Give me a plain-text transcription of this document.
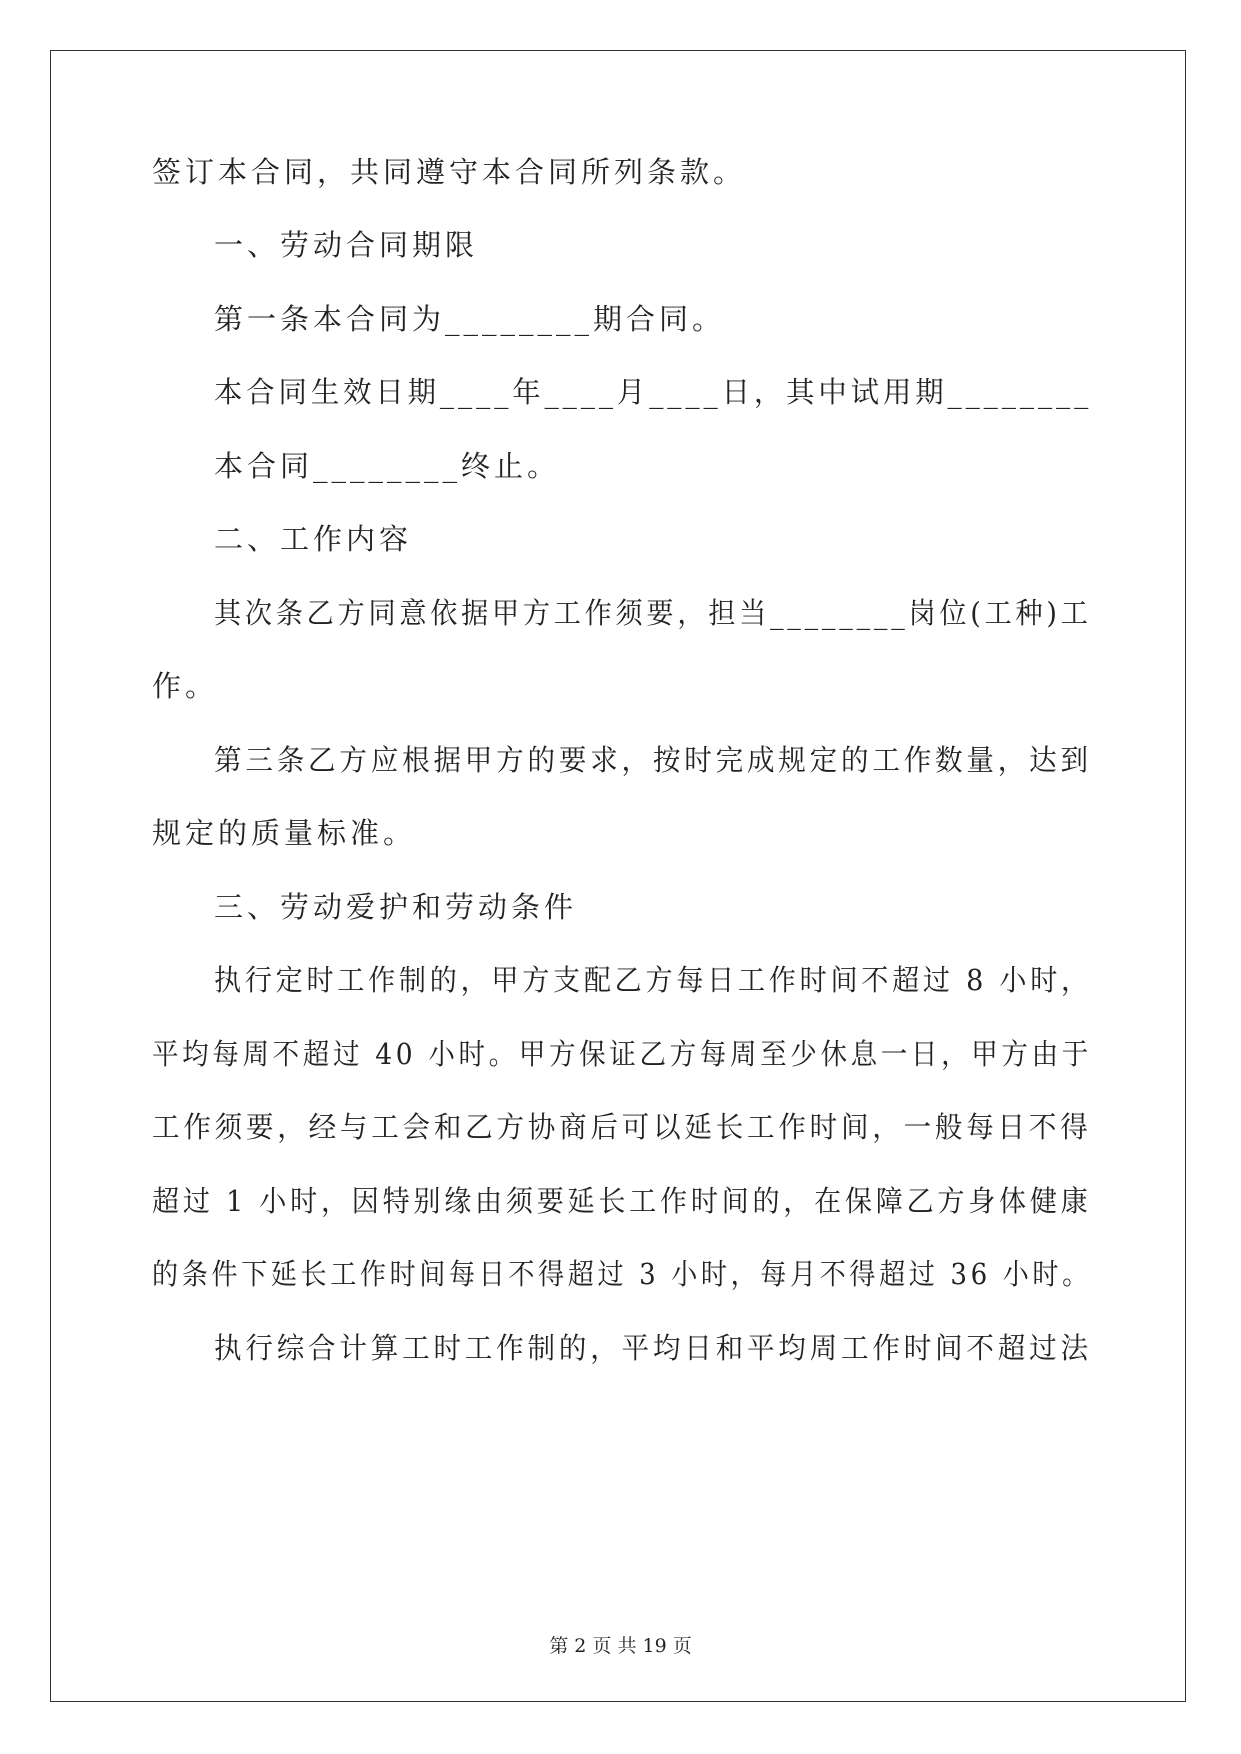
签订本合同，共同遵守本合同所列条款。
一、劳动合同期限
第一条本合同为________期合同。
本合同生效日期____年____月____日，其中试用期________
本合同________终止。
二、工作内容
其次条乙方同意依据甲方工作须要，担当________岗位(工种)工
作。
第三条乙方应根据甲方的要求，按时完成规定的工作数量，达到
规定的质量标准。
三、劳动爱护和劳动条件
执行定时工作制的，甲方支配乙方每日工作时间不超过 8 小时，
平均每周不超过 40 小时。甲方保证乙方每周至少休息一日，甲方由于
工作须要，经与工会和乙方协商后可以延长工作时间，一般每日不得
超过 1 小时，因特别缘由须要延长工作时间的，在保障乙方身体健康
的条件下延长工作时间每日不得超过 3 小时，每月不得超过 36 小时。
执行综合计算工时工作制的，平均日和平均周工作时间不超过法
第 2 页 共 19 页
